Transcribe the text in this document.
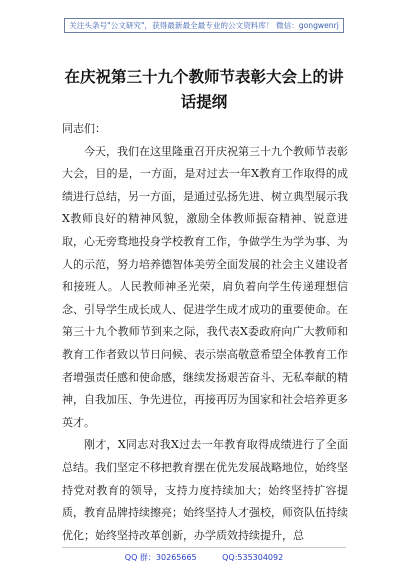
关注头条号"公文研究"，获得最新最全最专业的公文资料库！ 微信：gongwenrj
在庆祝第三十九个教师节表彰大会上的讲话提纲

同志们：

今天，我们在这里隆重召开庆祝第三十九个教师节表彰大会，目的是，一方面，是对过去一年X教育工作取得的成绩进行总结，另一方面，是通过弘扬先进、树立典型展示我X教师良好的精神风貌，激励全体教师振奋精神、锐意进取，心无旁骛地投身学校教育工作，争做学生为学为事、为人的示范，努力培养德智体美劳全面发展的社会主义建设者和接班人。人民教师神圣光荣，肩负着向学生传递理想信念、引导学生成长成人、促进学生成才成功的重要使命。在第三十九个教师节到来之际，我代表X委政府向广大教师和教育工作者致以节日问候、表示崇高敬意希望全体教育工作者增强责任感和使命感，继续发扬艰苦奋斗、无私奉献的精神，自我加压、争先进位，再接再厉为国家和社会培养更多英才。

刚才，X同志对我X过去一年教育取得成绩进行了全面总结。我们坚定不移把教育摆在优先发展战略地位，始终坚持党对教育的领导，支持力度持续加大；始终坚持扩容提质，教育品牌持续擦亮；始终坚持人才强校，师资队伍持续优化；始终坚持改革创新，办学质效持续提升，总

QQ 群：30265665	QQ:535304092
